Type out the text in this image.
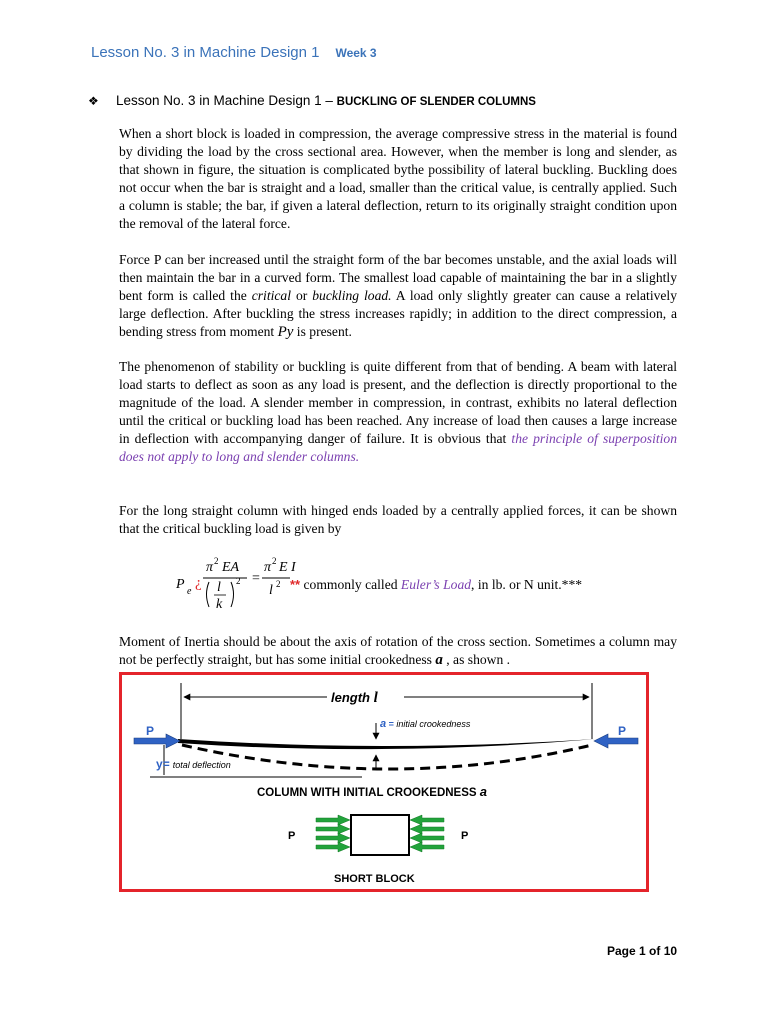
Lesson No. 3 in Machine Design 1 Week 3
❖ Lesson No. 3 in Machine Design 1 – BUCKLING OF SLENDER COLUMNS

When a short block is loaded in compression, the average compressive stress in the material is found by dividing the load by the cross sectional area. However, when the member is long and slender, as that shown in figure, the situation is complicated bythe possibility of lateral buckling. Buckling does not occur when the bar is straight and a load, smaller than the critical value, is centrally applied. Such a column is stable; the bar, if given a lateral deflection, return to its originally straight condition upon the removal of the lateral force.

Force P can ber increased until the straight form of the bar becomes unstable, and the axial loads will then maintain the bar in a curved form. The smallest load capable of maintaining the bar in a slightly bent form is called the critical or buckling load. A load only slightly greater can cause a relatively large deflection. After buckling the stress increases rapidly; in addition to the direct compression, a bending stress from moment Py is present.

The phenomenon of stability or buckling is quite different from that of bending. A beam with lateral load starts to deflect as soon as any load is present, and the deflection is directly proportional to the magnitude of the load. A slender member in compression, in contrast, exhibits no lateral deflection until the critical or buckling load has been reached. Any increase of load then causes a large increase in deflection with accompanying danger of failure. It is obvious that the principle of superposition does not apply to long and slender columns.

For the long straight column with hinged ends loaded by a centrally applied forces, it can be shown that the critical buckling load is given by

P e
¿
π 2 EA
l
k
2 =
π 2 E I
l 2 ** commonly called Euler’s Load, in lb. or N unit.***

Moment of Inertia should be about the axis of rotation of the cross section. Sometimes a column may not be perfectly straight, but has some initial crookedness a , as shown .

length l
a = initial crookedness
P	P
y= total deflection
COLUMN WITH INITIAL CROOKEDNESS a
P	P
SHORT BLOCK
Page 1 of 10
